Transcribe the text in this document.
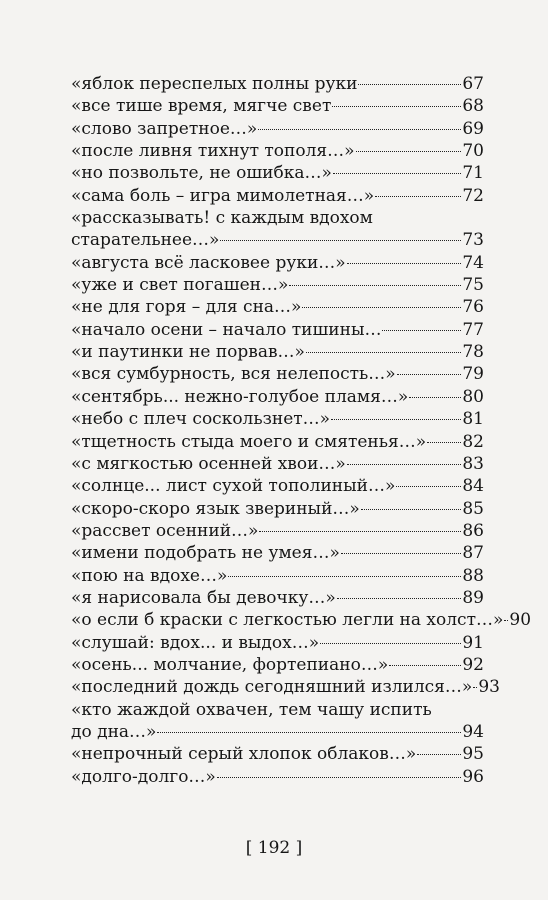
«яблок переспелых полны руки	67
«все тише время, мягче свет	68
«слово запретное…»	69
«после ливня тихнут тополя…»	70
«но позвольте, не ошибка…»	71
«сама боль – игра мимолетная…»	72
«рассказывать! с каждым вдохом
старательнее…»	73
«августа всё ласковее руки…»	74
«уже и свет погашен…»	75
«не для горя – для сна…»	76
«начало осени – начало тишины…	77
«и паутинки не порвав…»	78
«вся сумбурность, вся нелепость…»	79
«сентябрь... нежно-голубое пламя…»	80
«небо с плеч соскользнет…»	81
«тщетность стыда моего и смятенья…» 82
«с мягкостью осенней хвои…»	83
«солнце... лист сухой тополиный…»	84
«скоро-скоро язык звериный…»	85
«рассвет осенний…»	86
«имени подобрать не умея…»	87
«пою на вдохе…»	88
«я нарисовала бы девочку…»	89
«о если б краски с легкостью легли на холст…» 90
«слушай: вдох... и выдох…»	91
«осень... молчание, фортепиано…»	92
«последний дождь сегодняшний излился…» 93
«кто жаждой охвачен, тем чашу испить
до дна…»	94
«непрочный серый хлопок облаков…»	95
«долго-долго…»	96
[ 192 ]
